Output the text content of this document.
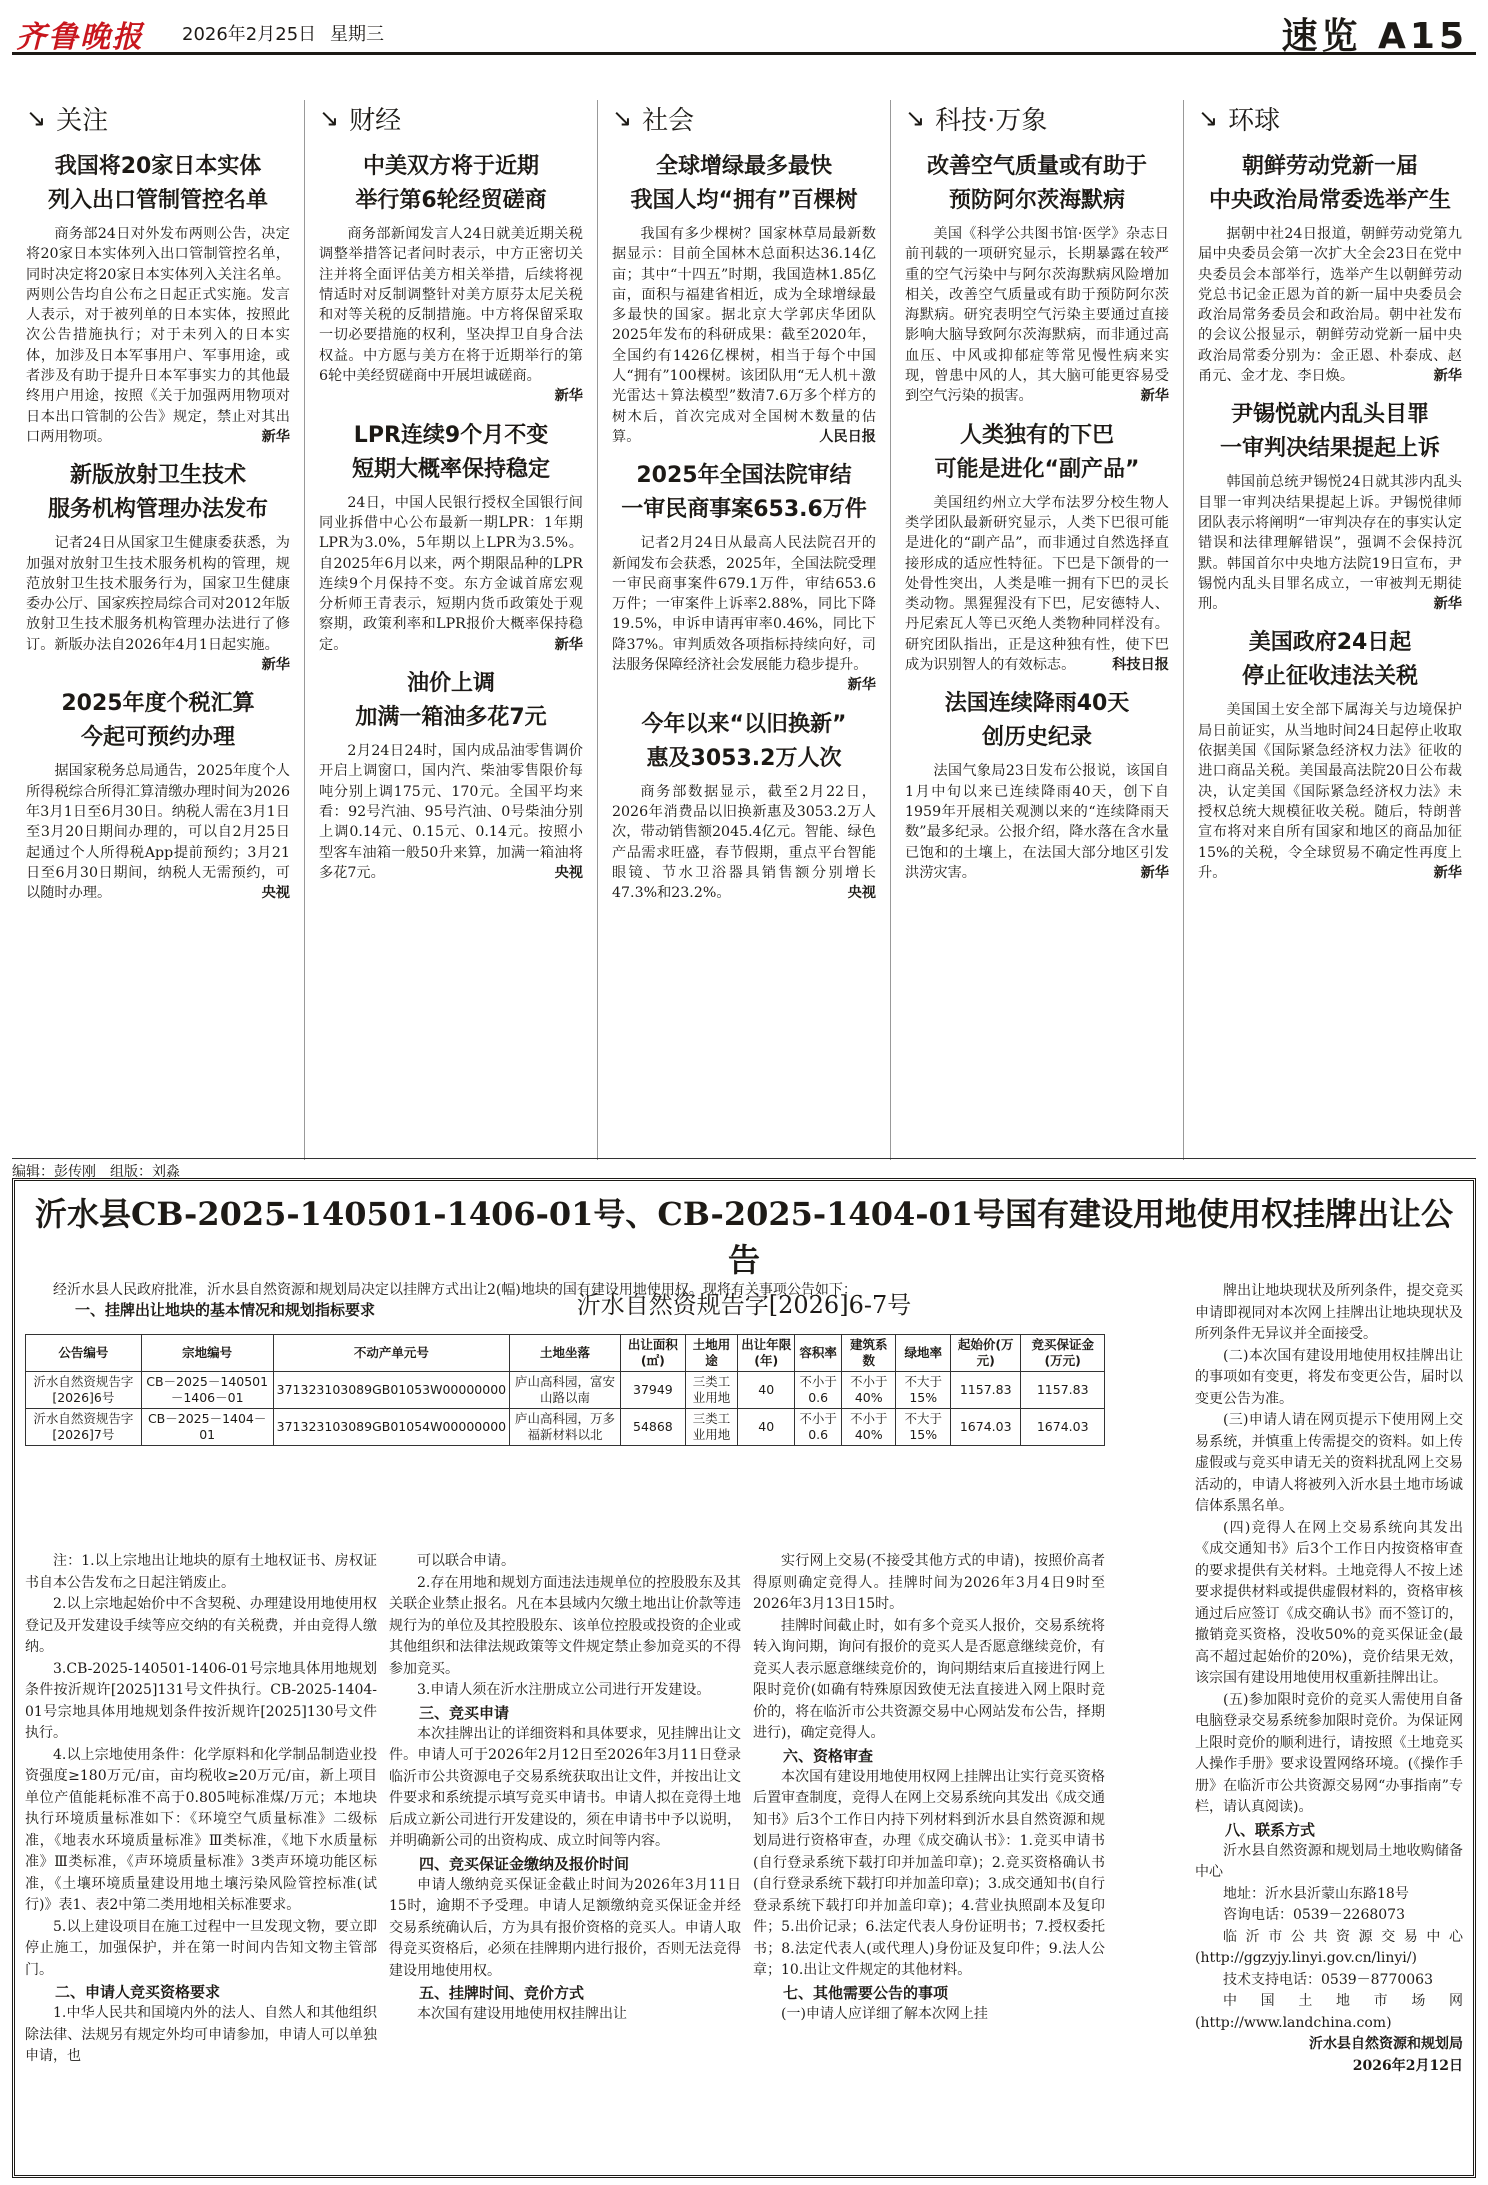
齐鲁晚报 2026年2月25日 星期三	速览 A15
↘ 关注
我国将20家日本实体
列入出口管制管控名单

商务部24日对外发布两则公告，决定将20家日本实体列入出口管制管控名单，同时决定将20家日本实体列入关注名单。两则公告均自公布之日起正式实施。发言人表示，对于被列单的日本实体，按照此次公告措施执行；对于未列入的日本实体，加涉及日本军事用户、军事用途，或者涉及有助于提升日本军事实力的其他最终用户用途，按照《关于加强两用物项对日本出口管制的公告》规定，禁止对其出口两用物项。	新华

新版放射卫生技术
服务机构管理办法发布

记者24日从国家卫生健康委获悉，为加强对放射卫生技术服务机构的管理，规范放射卫生技术服务行为，国家卫生健康委办公厅、国家疾控局综合司对2012年版放射卫生技术服务机构管理办法进行了修订。新版办法自2026年4月1日起实施。
新华

2025年度个税汇算
今起可预约办理

据国家税务总局通告，2025年度个人所得税综合所得汇算清缴办理时间为2026年3月1日至6月30日。纳税人需在3月1日至3月20日期间办理的，可以自2月25日起通过个人所得税App提前预约；3月21日至6月30日期间，纳税人无需预约，可以随时办理。	央视

↘ 财经
中美双方将于近期
举行第6轮经贸磋商

商务部新闻发言人24日就美近期关税调整举措答记者问时表示，中方正密切关注并将全面评估美方相关举措，后续将视情适时对反制调整针对美方原芬太尼关税和对等关税的反制措施。中方将保留采取一切必要措施的权利，坚决捍卫自身合法权益。中方愿与美方在将于近期举行的第6轮中美经贸磋商中开展坦诚磋商。
新华

LPR连续9个月不变
短期大概率保持稳定

24日，中国人民银行授权全国银行间同业拆借中心公布最新一期LPR：1年期LPR为3.0%，5年期以上LPR为3.5%。自2025年6月以来，两个期限品种的LPR连续9个月保持不变。东方金诚首席宏观分析师王青表示，短期内货币政策处于观察期，政策利率和LPR报价大概率保持稳定。	新华

油价上调
加满一箱油多花7元

2月24日24时，国内成品油零售调价开启上调窗口，国内汽、柴油零售限价每吨分别上调175元、170元。全国平均来看：92号汽油、95号汽油、0号柴油分别上调0.14元、0.15元、0.14元。按照小型客车油箱一般50升来算，加满一箱油将多花7元。	央视

↘ 社会
全球增绿最多最快
我国人均“拥有”百棵树

我国有多少棵树？国家林草局最新数据显示：目前全国林木总面积达36.14亿亩；其中“十四五”时期，我国造林1.85亿亩，面积与福建省相近，成为全球增绿最多最快的国家。据北京大学郭庆华团队2025年发布的科研成果：截至2020年，全国约有1426亿棵树，相当于每个中国人“拥有”100棵树。该团队用“无人机＋激光雷达＋算法模型”数清7.6万多个样方的树木后，首次完成对全国树木数量的估算。	人民日报

2025年全国法院审结
一审民商事案653.6万件

记者2月24日从最高人民法院召开的新闻发布会获悉，2025年，全国法院受理一审民商事案件679.1万件，审结653.6万件；一审案件上诉率2.88%，同比下降19.5%，申诉申请再审率0.46%，同比下降37%。审判质效各项指标持续向好，司法服务保障经济社会发展能力稳步提升。
新华

今年以来“以旧换新”
惠及3053.2万人次

商务部数据显示，截至2月22日，2026年消费品以旧换新惠及3053.2万人次，带动销售额2045.4亿元。智能、绿色产品需求旺盛，春节假期，重点平台智能眼镜、节水卫浴器具销售额分别增长47.3%和23.2%。	央视

↘ 科技·万象
改善空气质量或有助于
预防阿尔茨海默病

美国《科学公共图书馆·医学》杂志日前刊载的一项研究显示，长期暴露在较严重的空气污染中与阿尔茨海默病风险增加相关，改善空气质量或有助于预防阿尔茨海默病。研究表明空气污染主要通过直接影响大脑导致阿尔茨海默病，而非通过高血压、中风或抑郁症等常见慢性病来实现，曾患中风的人，其大脑可能更容易受到空气污染的损害。	新华

人类独有的下巴
可能是进化“副产品”

美国纽约州立大学布法罗分校生物人类学团队最新研究显示，人类下巴很可能是进化的“副产品”，而非通过自然选择直接形成的适应性特征。下巴是下颌骨的一处骨性突出，人类是唯一拥有下巴的灵长类动物。黑猩猩没有下巴，尼安德特人、丹尼索瓦人等已灭绝人类物种同样没有。研究团队指出，正是这种独有性，使下巴成为识别智人的有效标志。	科技日报

法国连续降雨40天
创历史纪录

法国气象局23日发布公报说，该国自1月中旬以来已连续降雨40天，创下自1959年开展相关观测以来的“连续降雨天数”最多纪录。公报介绍，降水落在含水量已饱和的土壤上，在法国大部分地区引发洪涝灾害。	新华

↘ 环球
朝鲜劳动党新一届
中央政治局常委选举产生

据朝中社24日报道，朝鲜劳动党第九届中央委员会第一次扩大全会23日在党中央委员会本部举行，选举产生以朝鲜劳动党总书记金正恩为首的新一届中央委员会政治局常务委员会和政治局。朝中社发布的会议公报显示，朝鲜劳动党新一届中央政治局常委分别为：金正恩、朴泰成、赵甬元、金才龙、李日焕。	新华

尹锡悦就内乱头目罪
一审判决结果提起上诉

韩国前总统尹锡悦24日就其涉内乱头目罪一审判决结果提起上诉。尹锡悦律师团队表示将阐明“一审判决存在的事实认定错误和法律理解错误”，强调不会保持沉默。韩国首尔中央地方法院19日宣布，尹锡悦内乱头目罪名成立，一审被判无期徒刑。	新华

美国政府24日起
停止征收违法关税

美国国土安全部下属海关与边境保护局日前证实，从当地时间24日起停止收取依据美国《国际紧急经济权力法》征收的进口商品关税。美国最高法院20日公布裁决，认定美国《国际紧急经济权力法》未授权总统大规模征收关税。随后，特朗普宣布将对来自所有国家和地区的商品加征15%的关税，令全球贸易不确定性再度上升。	新华

编辑：彭传刚　组版：刘淼
沂水县CB-2025-140501-1406-01号、CB-2025-1404-01号国有建设用地使用权挂牌出让公告
沂水自然资规告字[2026]6-7号
经沂水县人民政府批准，沂水县自然资源和规划局决定以挂牌方式出让2(幅)地块的国有建设用地使用权。现将有关事项公告如下：
一、挂牌出让地块的基本情况和规划指标要求
公告编号	宗地编号	不动产单元号	土地坐落	出让面积(㎡)	土地用途	出让年限(年)	容积率	建筑系数	绿地率	起始价(万元)	竞买保证金(万元)
沂水自然资规告字[2026]6号	CB－2025－140501－1406－01	371323103089GB01053W00000000	庐山高科园，富安山路以南	37949	三类工业用地	40	不小于0.6	不小于40%	不大于15%	1157.83	1157.83
沂水自然资规告字[2026]7号	CB－2025－1404－01	371323103089GB01054W00000000	庐山高科园，万多福新材料以北	54868	三类工业用地	40	不小于0.6	不小于40%	不大于15%	1674.03	1674.03

注：1.以上宗地出让地块的原有土地权证书、房权证书自本公告发布之日起注销废止。

2.以上宗地起始价中不含契税、办理建设用地使用权登记及开发建设手续等应交纳的有关税费，并由竞得人缴纳。

3.CB-2025-140501-1406-01号宗地具体用地规划条件按沂规许[2025]131号文件执行。CB-2025-1404-01号宗地具体用地规划条件按沂规许[2025]130号文件执行。

4.以上宗地使用条件：化学原料和化学制品制造业投资强度≥180万元/亩，亩均税收≥20万元/亩，新上项目单位产值能耗标准不高于0.805吨标准煤/万元；本地块执行环境质量标准如下：《环境空气质量标准》二级标准，《地表水环境质量标准》Ⅲ类标准，《地下水质量标准》Ⅲ类标准，《声环境质量标准》3类声环境功能区标准，《土壤环境质量建设用地土壤污染风险管控标准(试行)》表1、表2中第二类用地相关标准要求。

5.以上建设项目在施工过程中一旦发现文物，要立即停止施工，加强保护，并在第一时间内告知文物主管部门。

二、申请人竞买资格要求

1.中华人民共和国境内外的法人、自然人和其他组织除法律、法规另有规定外均可申请参加，申请人可以单独申请，也

可以联合申请。

2.存在用地和规划方面违法违规单位的控股股东及其关联企业禁止报名。凡在本县域内欠缴土地出让价款等违规行为的单位及其控股股东、该单位控股或投资的企业或其他组织和法律法规政策等文件规定禁止参加竞买的不得参加竞买。

3.申请人须在沂水注册成立公司进行开发建设。

三、竞买申请

本次挂牌出让的详细资料和具体要求，见挂牌出让文件。申请人可于2026年2月12日至2026年3月11日登录临沂市公共资源电子交易系统获取出让文件，并按出让文件要求和系统提示填写竞买申请书。申请人拟在竞得土地后成立新公司进行开发建设的，须在申请书中予以说明，并明确新公司的出资构成、成立时间等内容。

四、竞买保证金缴纳及报价时间

申请人缴纳竞买保证金截止时间为2026年3月11日15时，逾期不予受理。申请人足额缴纳竞买保证金并经交易系统确认后，方为具有报价资格的竞买人。申请人取得竞买资格后，必须在挂牌期内进行报价，否则无法竞得建设用地使用权。

五、挂牌时间、竞价方式

本次国有建设用地使用权挂牌出让

实行网上交易(不接受其他方式的申请)，按照价高者得原则确定竞得人。挂牌时间为2026年3月4日9时至2026年3月13日15时。

挂牌时间截止时，如有多个竞买人报价，交易系统将转入询问期，询问有报价的竞买人是否愿意继续竞价，有竞买人表示愿意继续竞价的，询问期结束后直接进行网上限时竞价(如确有特殊原因致使无法直接进入网上限时竞价的，将在临沂市公共资源交易中心网站发布公告，择期进行)，确定竞得人。

六、资格审查

本次国有建设用地使用权网上挂牌出让实行竞买资格后置审查制度，竞得人在网上交易系统向其发出《成交通知书》后3个工作日内持下列材料到沂水县自然资源和规划局进行资格审查，办理《成交确认书》：1.竞买申请书(自行登录系统下载打印并加盖印章)；2.竞买资格确认书(自行登录系统下载打印并加盖印章)；3.成交通知书(自行登录系统下载打印并加盖印章)；4.营业执照副本及复印件；5.出价记录；6.法定代表人身份证明书；7.授权委托书；8.法定代表人(或代理人)身份证及复印件；9.法人公章；10.出让文件规定的其他材料。

七、其他需要公告的事项

(一)申请人应详细了解本次网上挂

牌出让地块现状及所列条件，提交竞买申请即视同对本次网上挂牌出让地块现状及所列条件无异议并全面接受。

(二)本次国有建设用地使用权挂牌出让的事项如有变更，将发布变更公告，届时以变更公告为准。

(三)申请人请在网页提示下使用网上交易系统，并慎重上传需提交的资料。如上传虚假或与竞买申请无关的资料扰乱网上交易活动的，申请人将被列入沂水县土地市场诚信体系黑名单。

(四)竞得人在网上交易系统向其发出《成交通知书》后3个工作日内按资格审查的要求提供有关材料。土地竞得人不按上述要求提供材料或提供虚假材料的，资格审核通过后应签订《成交确认书》而不签订的，撤销竞买资格，没收50%的竞买保证金(最高不超过起始价的20%)，竞价结果无效，该宗国有建设用地使用权重新挂牌出让。

(五)参加限时竞价的竞买人需使用自备电脑登录交易系统参加限时竞价。为保证网上限时竞价的顺利进行，请按照《土地竞买人操作手册》要求设置网络环境。(《操作手册》在临沂市公共资源交易网“办事指南”专栏，请认真阅读)。

八、联系方式

沂水县自然资源和规划局土地收购储备中心

地址：沂水县沂蒙山东路18号

咨询电话：0539－2268073

临沂市公共资源交易中心(http://ggzyjy.linyi.gov.cn/linyi/)

技术支持电话：0539－8770063

中国土地市场网(http://www.landchina.com)

沂水县自然资源和规划局
2026年2月12日
